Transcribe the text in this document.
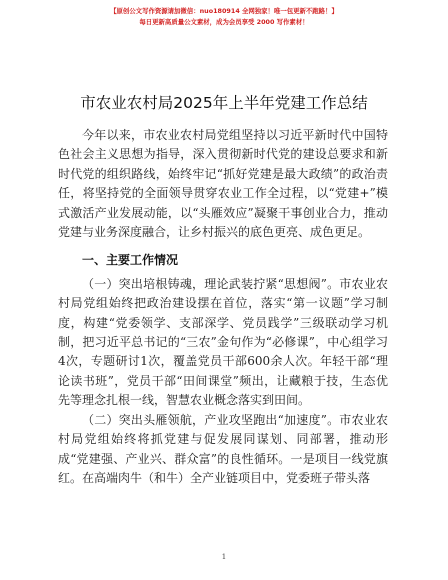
【原创公文写作资源请加微信：nuo180914 全网独家！唯一包更新不跑路！】
每日更新高质量公文素材，成为会员享受 2000 写作素材！
市农业农村局2025年上半年党建工作总结

今年以来，市农业农村局党组坚持以习近平新时代中国特色社会主义思想为指导，深入贯彻新时代党的建设总要求和新时代党的组织路线，始终牢记“抓好党建是最大政绩”的政治责任，将坚持党的全面领导贯穿农业工作全过程，以“党建+”模式激活产业发展动能，以“头雁效应”凝聚干事创业合力，推动党建与业务深度融合，让乡村振兴的底色更亮、成色更足。

一、主要工作情况

（一）突出培根铸魂，理论武装拧紧“思想阀”。市农业农村局党组始终把政治建设摆在首位，落实“第一议题”学习制度，构建“党委领学、支部深学、党员践学”三级联动学习机制，把习近平总书记的“三农”金句作为“必修课”，中心组学习4次，专题研讨1次，覆盖党员干部600余人次。年轻干部“理论读书班”，党员干部“田间课堂”频出，让藏粮于技，生态优先等理念扎根一线，智慧农业概念落实到田间。

（二）突出头雁领航，产业攻坚跑出“加速度”。市农业农村局党组始终将抓党建与促发展同谋划、同部署，推动形成“党建强、产业兴、群众富”的良性循环。一是项目一线党旗红。在高端肉牛（和牛）全产业链项目中，党委班子带头落

1
